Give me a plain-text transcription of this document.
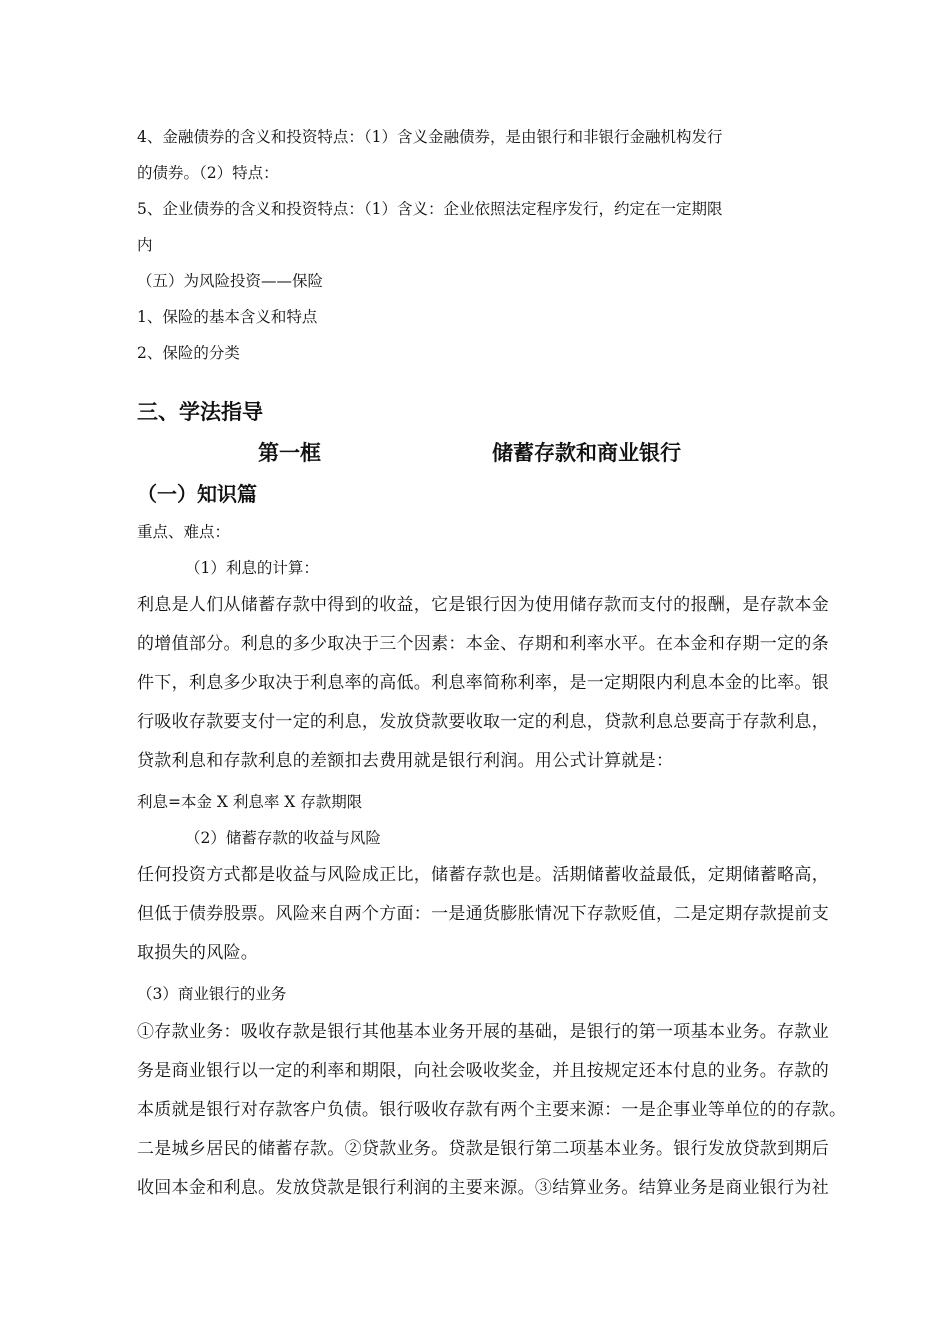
4、金融债券的含义和投资特点：（1）含义金融债券，是由银行和非银行金融机构发行
的债券。（2）特点：
5、企业债券的含义和投资特点：（1）含义：企业依照法定程序发行，约定在一定期限
内
（五）为风险投资——保险
1、保险的基本含义和特点
2、保险的分类
三、学法指导
第一框	储蓄存款和商业银行
（一）知识篇
重点、难点：
（1）利息的计算：
利息是人们从储蓄存款中得到的收益，它是银行因为使用储存款而支付的报酬，是存款本金
的增值部分。利息的多少取决于三个因素：本金、存期和利率水平。在本金和存期一定的条
件下，利息多少取决于利息率的高低。利息率简称利率，是一定期限内利息本金的比率。银
行吸收存款要支付一定的利息，发放贷款要收取一定的利息，贷款利息总要高于存款利息，
贷款利息和存款利息的差额扣去费用就是银行利润。用公式计算就是：
利息=本金 X 利息率 X 存款期限
（2）储蓄存款的收益与风险
任何投资方式都是收益与风险成正比，储蓄存款也是。活期储蓄收益最低，定期储蓄略高，
但低于债券股票。风险来自两个方面：一是通货膨胀情况下存款贬值，二是定期存款提前支
取损失的风险。
（3）商业银行的业务
①存款业务：吸收存款是银行其他基本业务开展的基础，是银行的第一项基本业务。存款业
务是商业银行以一定的利率和期限，向社会吸收奖金，并且按规定还本付息的业务。存款的
本质就是银行对存款客户负债。银行吸收存款有两个主要来源：一是企事业等单位的的存款。
二是城乡居民的储蓄存款。②贷款业务。贷款是银行第二项基本业务。银行发放贷款到期后
收回本金和利息。发放贷款是银行利润的主要来源。③结算业务。结算业务是商业银行为社
